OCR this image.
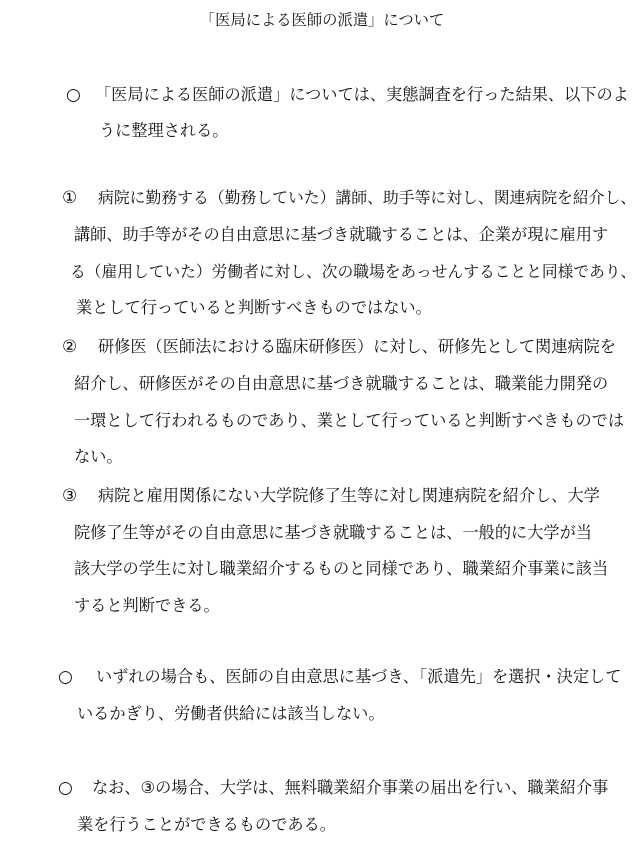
「医局による医師の派遣」について
○ 「医局による医師の派遣」については、実態調査を行った結果、以下のよ
うに整理される。
① 病院に勤務する（勤務していた）講師、助手等に対し、関連病院を紹介し、
講師、助手等がその自由意思に基づき就職することは、企業が現に雇用す
る（雇用していた）労働者に対し、次の職場をあっせんすることと同様であり、
業として行っていると判断すべきものではない。
② 研修医（医師法における臨床研修医）に対し、研修先として関連病院を
紹介し、研修医がその自由意思に基づき就職することは、職業能力開発の
一環として行われるものであり、業として行っていると判断すべきものでは
ない。
③ 病院と雇用関係にない大学院修了生等に対し関連病院を紹介し、大学
院修了生等がその自由意思に基づき就職することは、一般的に大学が当
該大学の学生に対し職業紹介するものと同様であり、職業紹介事業に該当
すると判断できる。
○ いずれの場合も、医師の自由意思に基づき、「派遣先」を選択・決定して
いるかぎり、労働者供給には該当しない。
○ なお、③の場合、大学は、無料職業紹介事業の届出を行い、職業紹介事
業を行うことができるものである。
